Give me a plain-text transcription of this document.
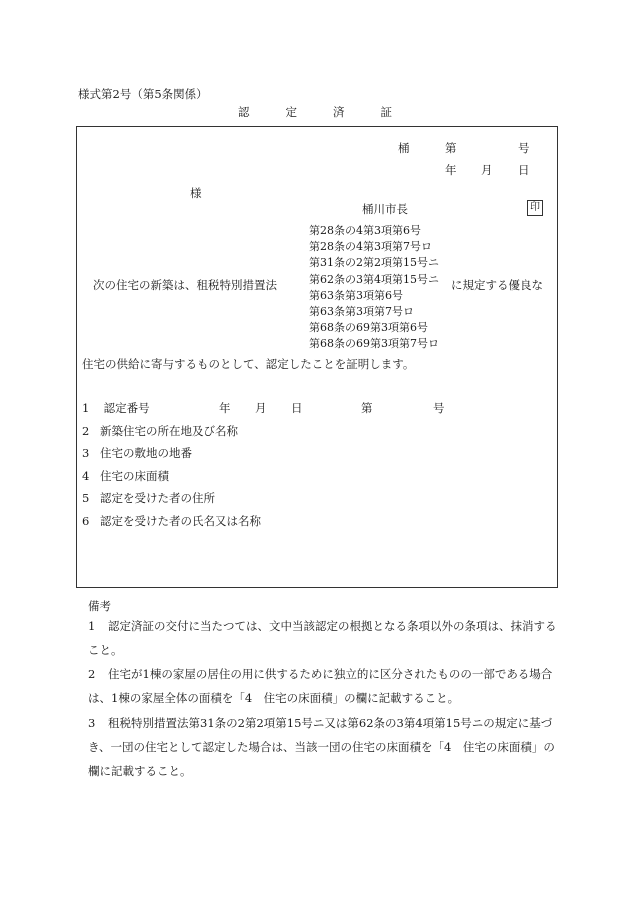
様式第2号（第5条関係）
認定済証
桶	第	号
年 月 日
様
桶川市長	印
次の住宅の新築は、租税特別措置法
第28条の4第3項第6号
第28条の4第3項第7号ロ
第31条の2第2項第15号ニ
第62条の3第4項第15号ニ
第63条第3項第6号
第63条第3項第7号ロ
第68条の69第3項第6号
第68条の69第3項第7号ロ
に規定する優良な
住宅の供給に寄与するものとして、認定したことを証明します。
1 認定番号	年 月 日	第	号
2 新築住宅の所在地及び名称
3 住宅の敷地の地番
4 住宅の床面積
5 認定を受けた者の住所
6 認定を受けた者の氏名又は名称
備考
1 認定済証の交付に当たつては、文中当該認定の根拠となる条項以外の条項は、抹消すること。
2 住宅が1棟の家屋の居住の用に供するために独立的に区分されたものの一部である場合は、1棟の家屋全体の面積を「4　住宅の床面積」の欄に記載すること。
3 租税特別措置法第31条の2第2項第15号ニ又は第62条の3第4項第15号ニの規定に基づき、一団の住宅として認定した場合は、当該一団の住宅の床面積を「4　住宅の床面積」の欄に記載すること。
